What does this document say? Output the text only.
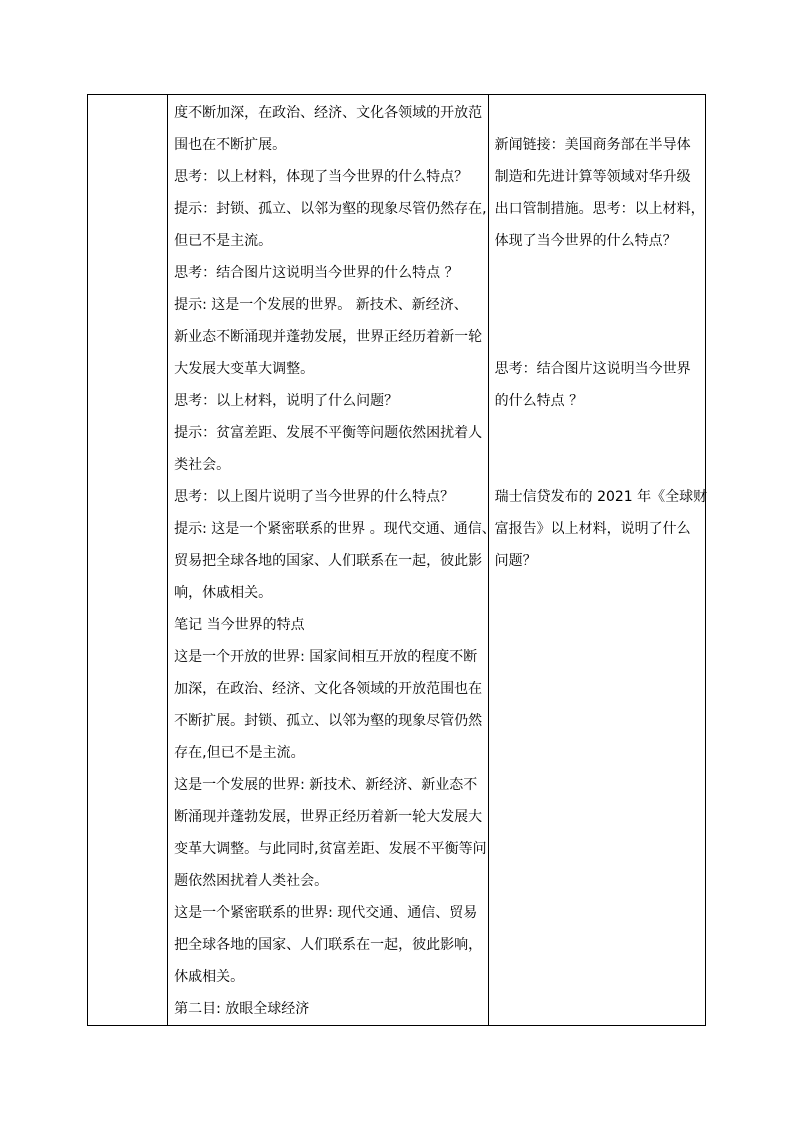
度不断加深，在政治、经济、文化各领域的开放范
围也在不断扩展。
思考：以上材料，体现了当今世界的什么特点？
提示：封锁、孤立、以邻为壑的现象尽管仍然存在,
但已不是主流。
思考：结合图片这说明当今世界的什么特点 ？
提示: 这是一个发展的世界。 新技术、新经济、
新业态不断涌现并蓬勃发展，世界正经历着新一轮
大发展大变革大调整。
思考：以上材料，说明了什么问题？
提示：贫富差距、发展不平衡等问题依然困扰着人
类社会。
思考：以上图片说明了当今世界的什么特点？
提示: 这是一个紧密联系的世界 。现代交通、通信、
贸易把全球各地的国家、人们联系在一起，彼此影
响，休戚相关。
笔记 当今世界的特点
这是一个开放的世界: 国家间相互开放的程度不断
加深，在政治、经济、文化各领域的开放范围也在
不断扩展。封锁、孤立、以邻为壑的现象尽管仍然
存在,但已不是主流。
这是一个发展的世界: 新技术、新经济、新业态不
断涌现并蓬勃发展，世界正经历着新一轮大发展大
变革大调整。与此同时,贫富差距、发展不平衡等问
题依然困扰着人类社会。
这是一个紧密联系的世界: 现代交通、通信、贸易
把全球各地的国家、人们联系在一起，彼此影响，
休戚相关。
第二目: 放眼全球经济

新闻链接：美国商务部在半导体
制造和先进计算等领域对华升级
出口管制措施。思考：以上材料，
体现了当今世界的什么特点？
思考：结合图片这说明当今世界
的什么特点 ？
瑞士信贷发布的 2021 年《全球财
富报告》以上材料，说明了什么
问题？
